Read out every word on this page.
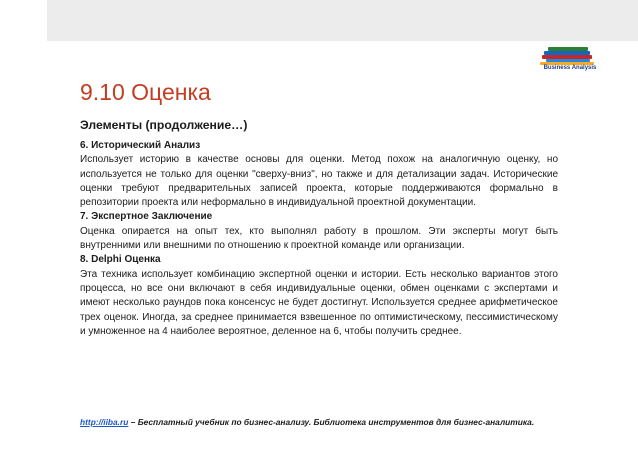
Business Analysis
9.10 Оценка
Элементы (продолжение…)
6. Исторический Анализ
Использует историю в качестве основы для оценки. Метод похож на аналогичную оценку, но используется не только для оценки "сверху-вниз", но также и для детализации задач. Исторические оценки требуют предварительных записей проекта, которые поддерживаются формально в репозитории проекта или неформально в индивидуальной проектной документации.
7. Экспертное Заключение
Оценка опирается на опыт тех, кто выполнял работу в прошлом. Эти эксперты могут быть внутренними или внешними по отношению к проектной команде или организации.
8. Delphi Оценка
Эта техника использует комбинацию экспертной оценки и истории. Есть несколько вариантов этого процесса, но все они включают в себя индивидуальные оценки, обмен оценками с экспертами и имеют несколько раундов пока консенсус не будет достигнут. Используется среднее арифметическое трех оценок. Иногда, за среднее принимается взвешенное по оптимистическому, пессимистическому и умноженное на 4 наиболее вероятное, деленное на 6, чтобы получить среднее.
http://iiba.ru – Бесплатный учебник по бизнес-анализу. Библиотека инструментов для бизнес-аналитика.
